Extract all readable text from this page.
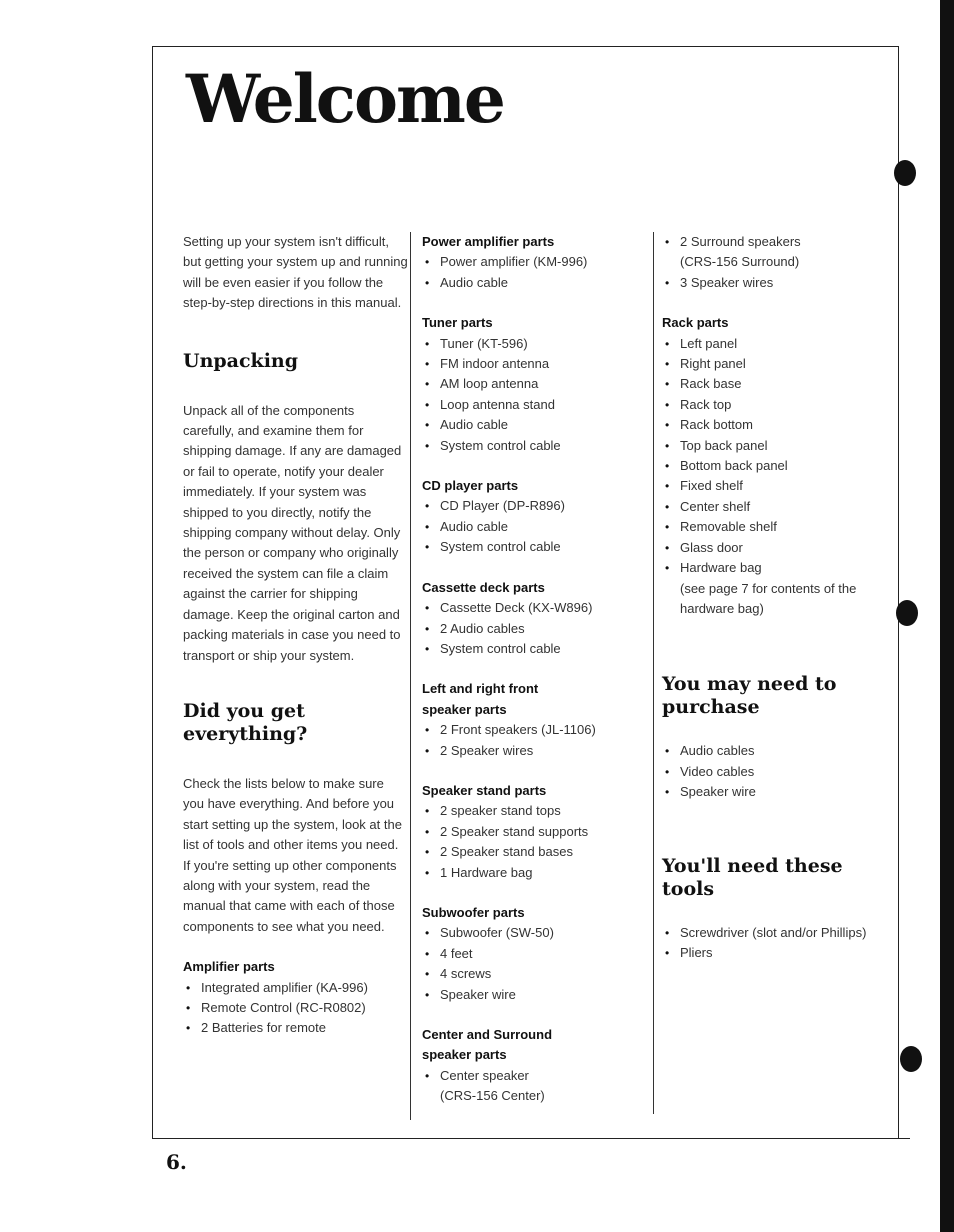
Welcome

Setting up your system isn't difficult, but getting your system up and running will be even easier if you follow the step-by-step directions in this manual.

Unpacking

Unpack all of the components carefully, and examine them for shipping damage. If any are damaged or fail to operate, notify your dealer immediately. If your system was shipped to you directly, notify the shipping company without delay. Only the person or company who originally received the system can file a claim against the carrier for shipping damage. Keep the original carton and packing materials in case you need to transport or ship your system.

Did you get everything?

Check the lists below to make sure you have everything. And before you start setting up the system, look at the list of tools and other items you need. If you're setting up other components along with your system, read the manual that came with each of those components to see what you need.

Amplifier parts
• Integrated amplifier (KA-996)
• Remote Control (RC-R0802)
• 2 Batteries for remote
Power amplifier parts
• Power amplifier (KM-996)
• Audio cable
Tuner parts
• Tuner (KT-596)
• FM indoor antenna
• AM loop antenna
• Loop antenna stand
• Audio cable
• System control cable
CD player parts
• CD Player (DP-R896)
• Audio cable
• System control cable
Cassette deck parts
• Cassette Deck (KX-W896)
• 2 Audio cables
• System control cable
Left and right front
speaker parts
• 2 Front speakers (JL-1106)
• 2 Speaker wires
Speaker stand parts
• 2 speaker stand tops
• 2 Speaker stand supports
• 2 Speaker stand bases
• 1 Hardware bag
Subwoofer parts
• Subwoofer (SW-50)
• 4 feet
• 4 screws
• Speaker wire
Center and Surround
speaker parts
• Center speaker
(CRS-156 Center)
• 2 Surround speakers
(CRS-156 Surround)
• 3 Speaker wires
Rack parts
• Left panel
• Right panel
• Rack base
• Rack top
• Rack bottom
• Top back panel
• Bottom back panel
• Fixed shelf
• Center shelf
• Removable shelf
• Glass door
• Hardware bag
(see page 7 for contents of the
hardware bag)
You may need to
purchase
• Audio cables
• Video cables
• Speaker wire
You'll need these
tools
• Screwdriver (slot and/or Phillips)
• Pliers
6.
